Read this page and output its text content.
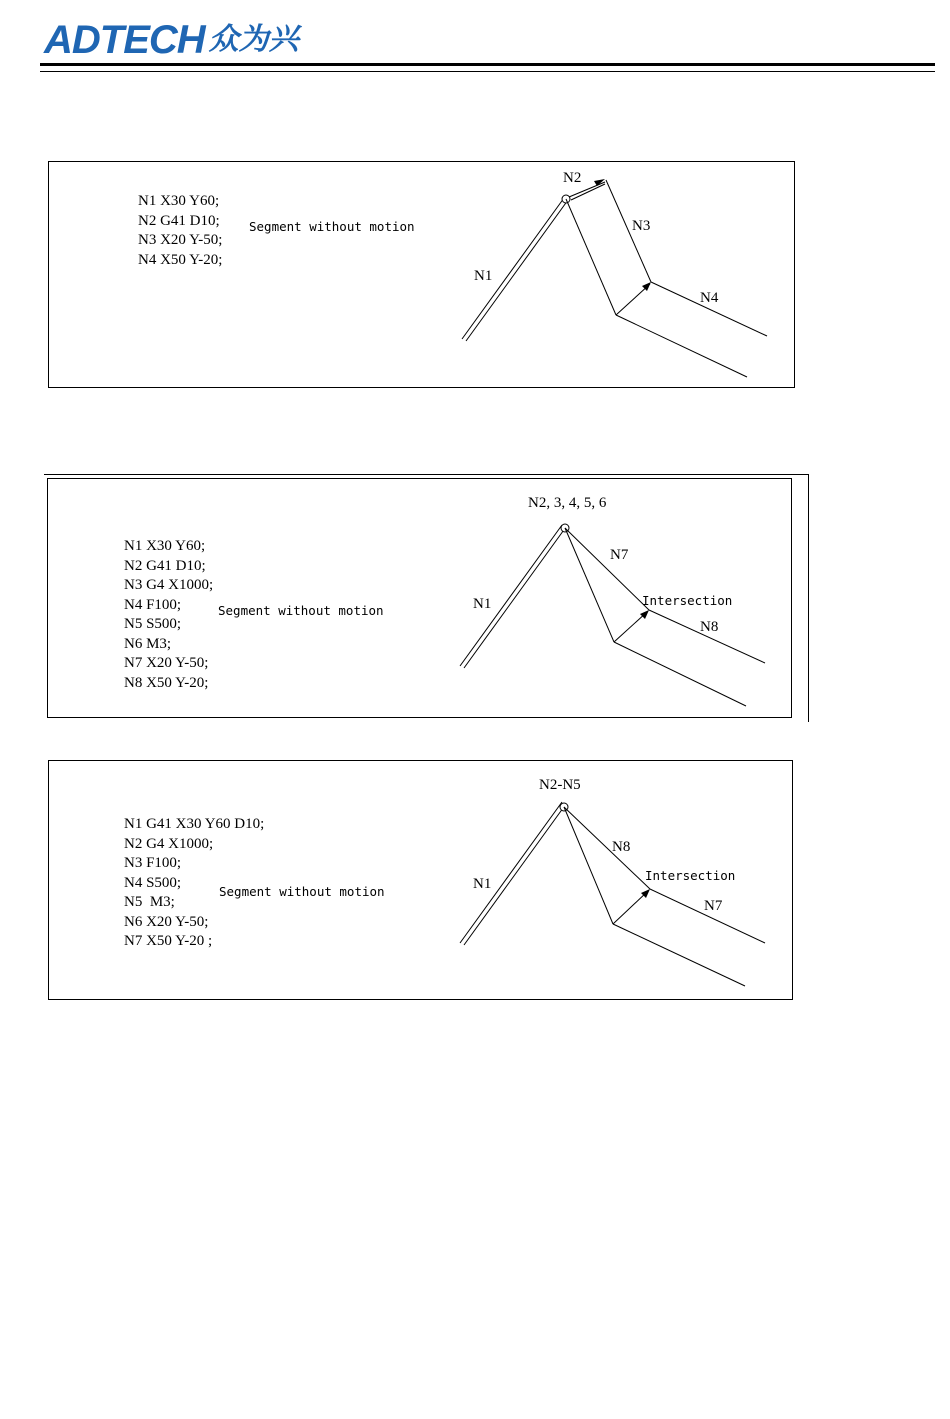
ADTECH 众为兴
N1 X30 Y60;
N2 G41 D10;
N3 X20 Y-50;
N4 X50 Y-20;
Segment without motion
N1
N2
N3
N4
N1 X30 Y60;
N2 G41 D10;
N3 G4 X1000;
N4 F100;
N5 S500;
N6 M3;
N7 X20 Y-50;
N8 X50 Y-20;
Segment without motion	N1
N2, 3, 4, 5, 6
N7
N8
Intersection
N1 G41 X30 Y60 D10;
N2 G4 X1000;
N3 F100;
N4 S500;
N5  M3;
N6 X20 Y-50;
N7 X50 Y-20 ;
Segment without motion	N1
N2-N5
N8
N7
Intersection
